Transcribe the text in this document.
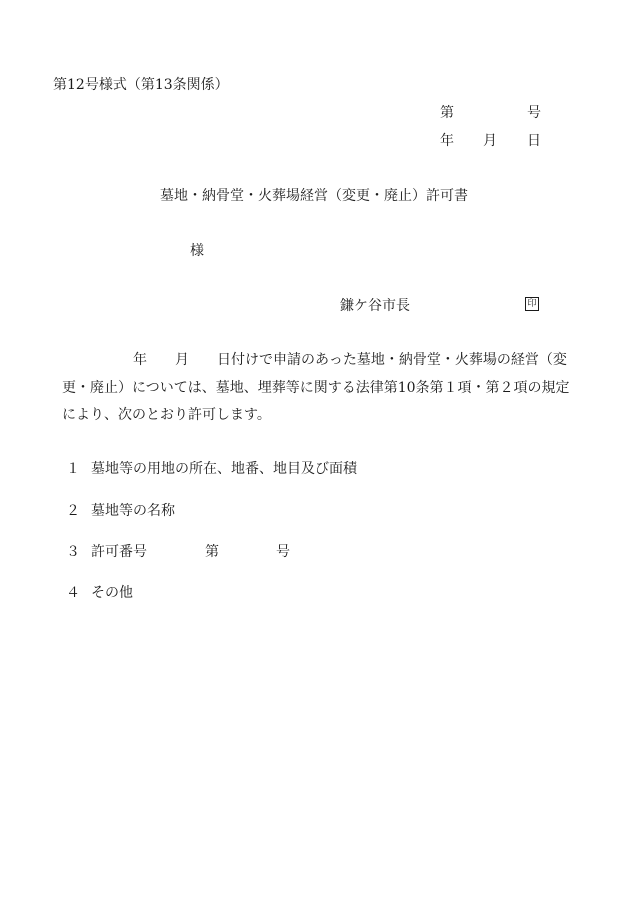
第12号様式（第13条関係）
第	号
年 月 日
墓地・納骨堂・火葬場経営（変更・廃止）許可書
様
鎌ケ谷市長	印
年　　月　　日付けで申請のあった墓地・納骨堂・火葬場の経営（変
更・廃止）については、墓地、埋葬等に関する法律第10条第１項・第２項の規定
により、次のとおり許可します。
１ 墓地等の用地の所在、地番、地目及び面積
２ 墓地等の名称
３ 許可番号	第	号
４ その他
